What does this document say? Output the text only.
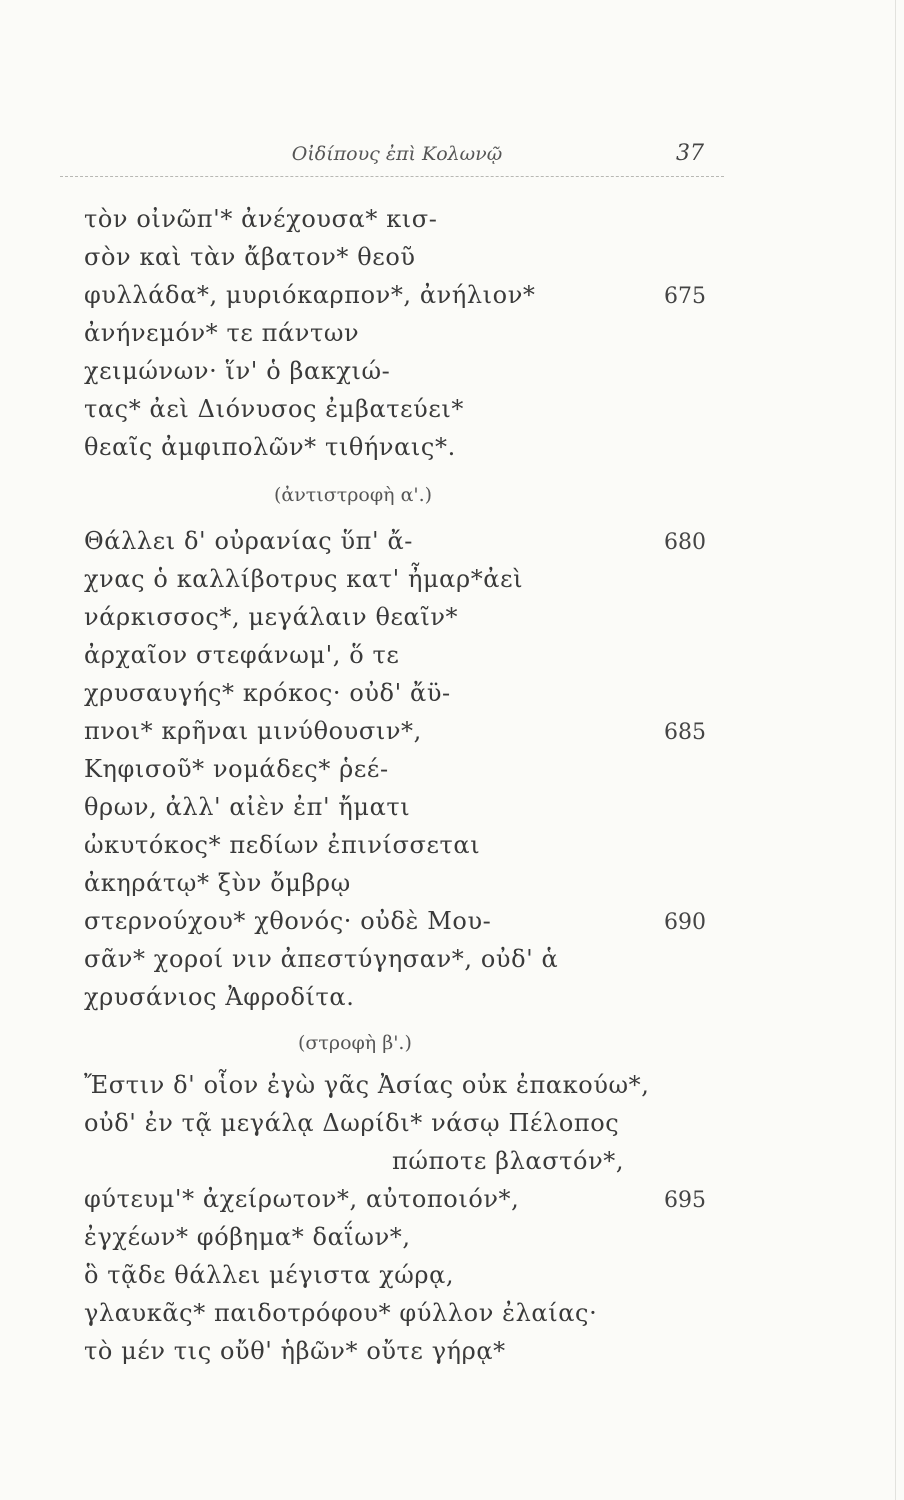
Οἰδίπους ἐπὶ Κολωνῷ	37
τὸν οἰνῶπ'* ἀνέχουσα* κισ-
σὸν καὶ τὰν ἄβατον* θεοῦ
φυλλάδα*, μυριόκαρπον*, ἀνήλιον*	675
ἀνήνεμόν* τε πάντων
χειμώνων· ἵν' ὁ βακχιώ-
τας* ἀεὶ Διόνυσος ἐμβατεύει*
θεαῖς ἀμφιπολῶν* τιθήναις*.
(ἀντιστροφὴ α'.)
Θάλλει δ' οὐρανίας ὕπ' ἄ-	680
χνας ὁ καλλίβοτρυς κατ' ἦμαρ*ἀεὶ
νάρκισσος*, μεγάλαιν θεαῖν*
ἀρχαῖον στεφάνωμ', ὅ τε
χρυσαυγής* κρόκος· οὐδ' ἄϋ-
πνοι* κρῆναι μινύθουσιν*,	685
Κηφισοῦ* νομάδες* ῥεέ-
θρων, ἀλλ' αἰὲν ἐπ' ἤματι
ὠκυτόκος* πεδίων ἐπινίσσεται
ἀκηράτῳ* ξὺν ὄμβρῳ
στερνούχου* χθονός· οὐδὲ Μου-	690
σᾶν* χοροί νιν ἀπεστύγησαν*, οὐδ' ἁ
χρυσάνιος Ἀφροδίτα.
(στροφὴ β'.)
Ἔστιν δ' οἷον ἐγὼ γᾶς Ἀσίας οὐκ ἐπακούω*,
οὐδ' ἐν τᾷ μεγάλᾳ Δωρίδι* νάσῳ Πέλοπος
πώποτε βλαστόν*,
φύτευμ'* ἀχείρωτον*, αὐτοποιόν*,	695
ἐγχέων* φόβημα* δαΐων*,
ὃ τᾷδε θάλλει μέγιστα χώρᾳ,
γλαυκᾶς* παιδοτρόφου* φύλλον ἐλαίας·
τὸ μέν τις οὔθ' ἡβῶν* οὔτε γήρᾳ*
